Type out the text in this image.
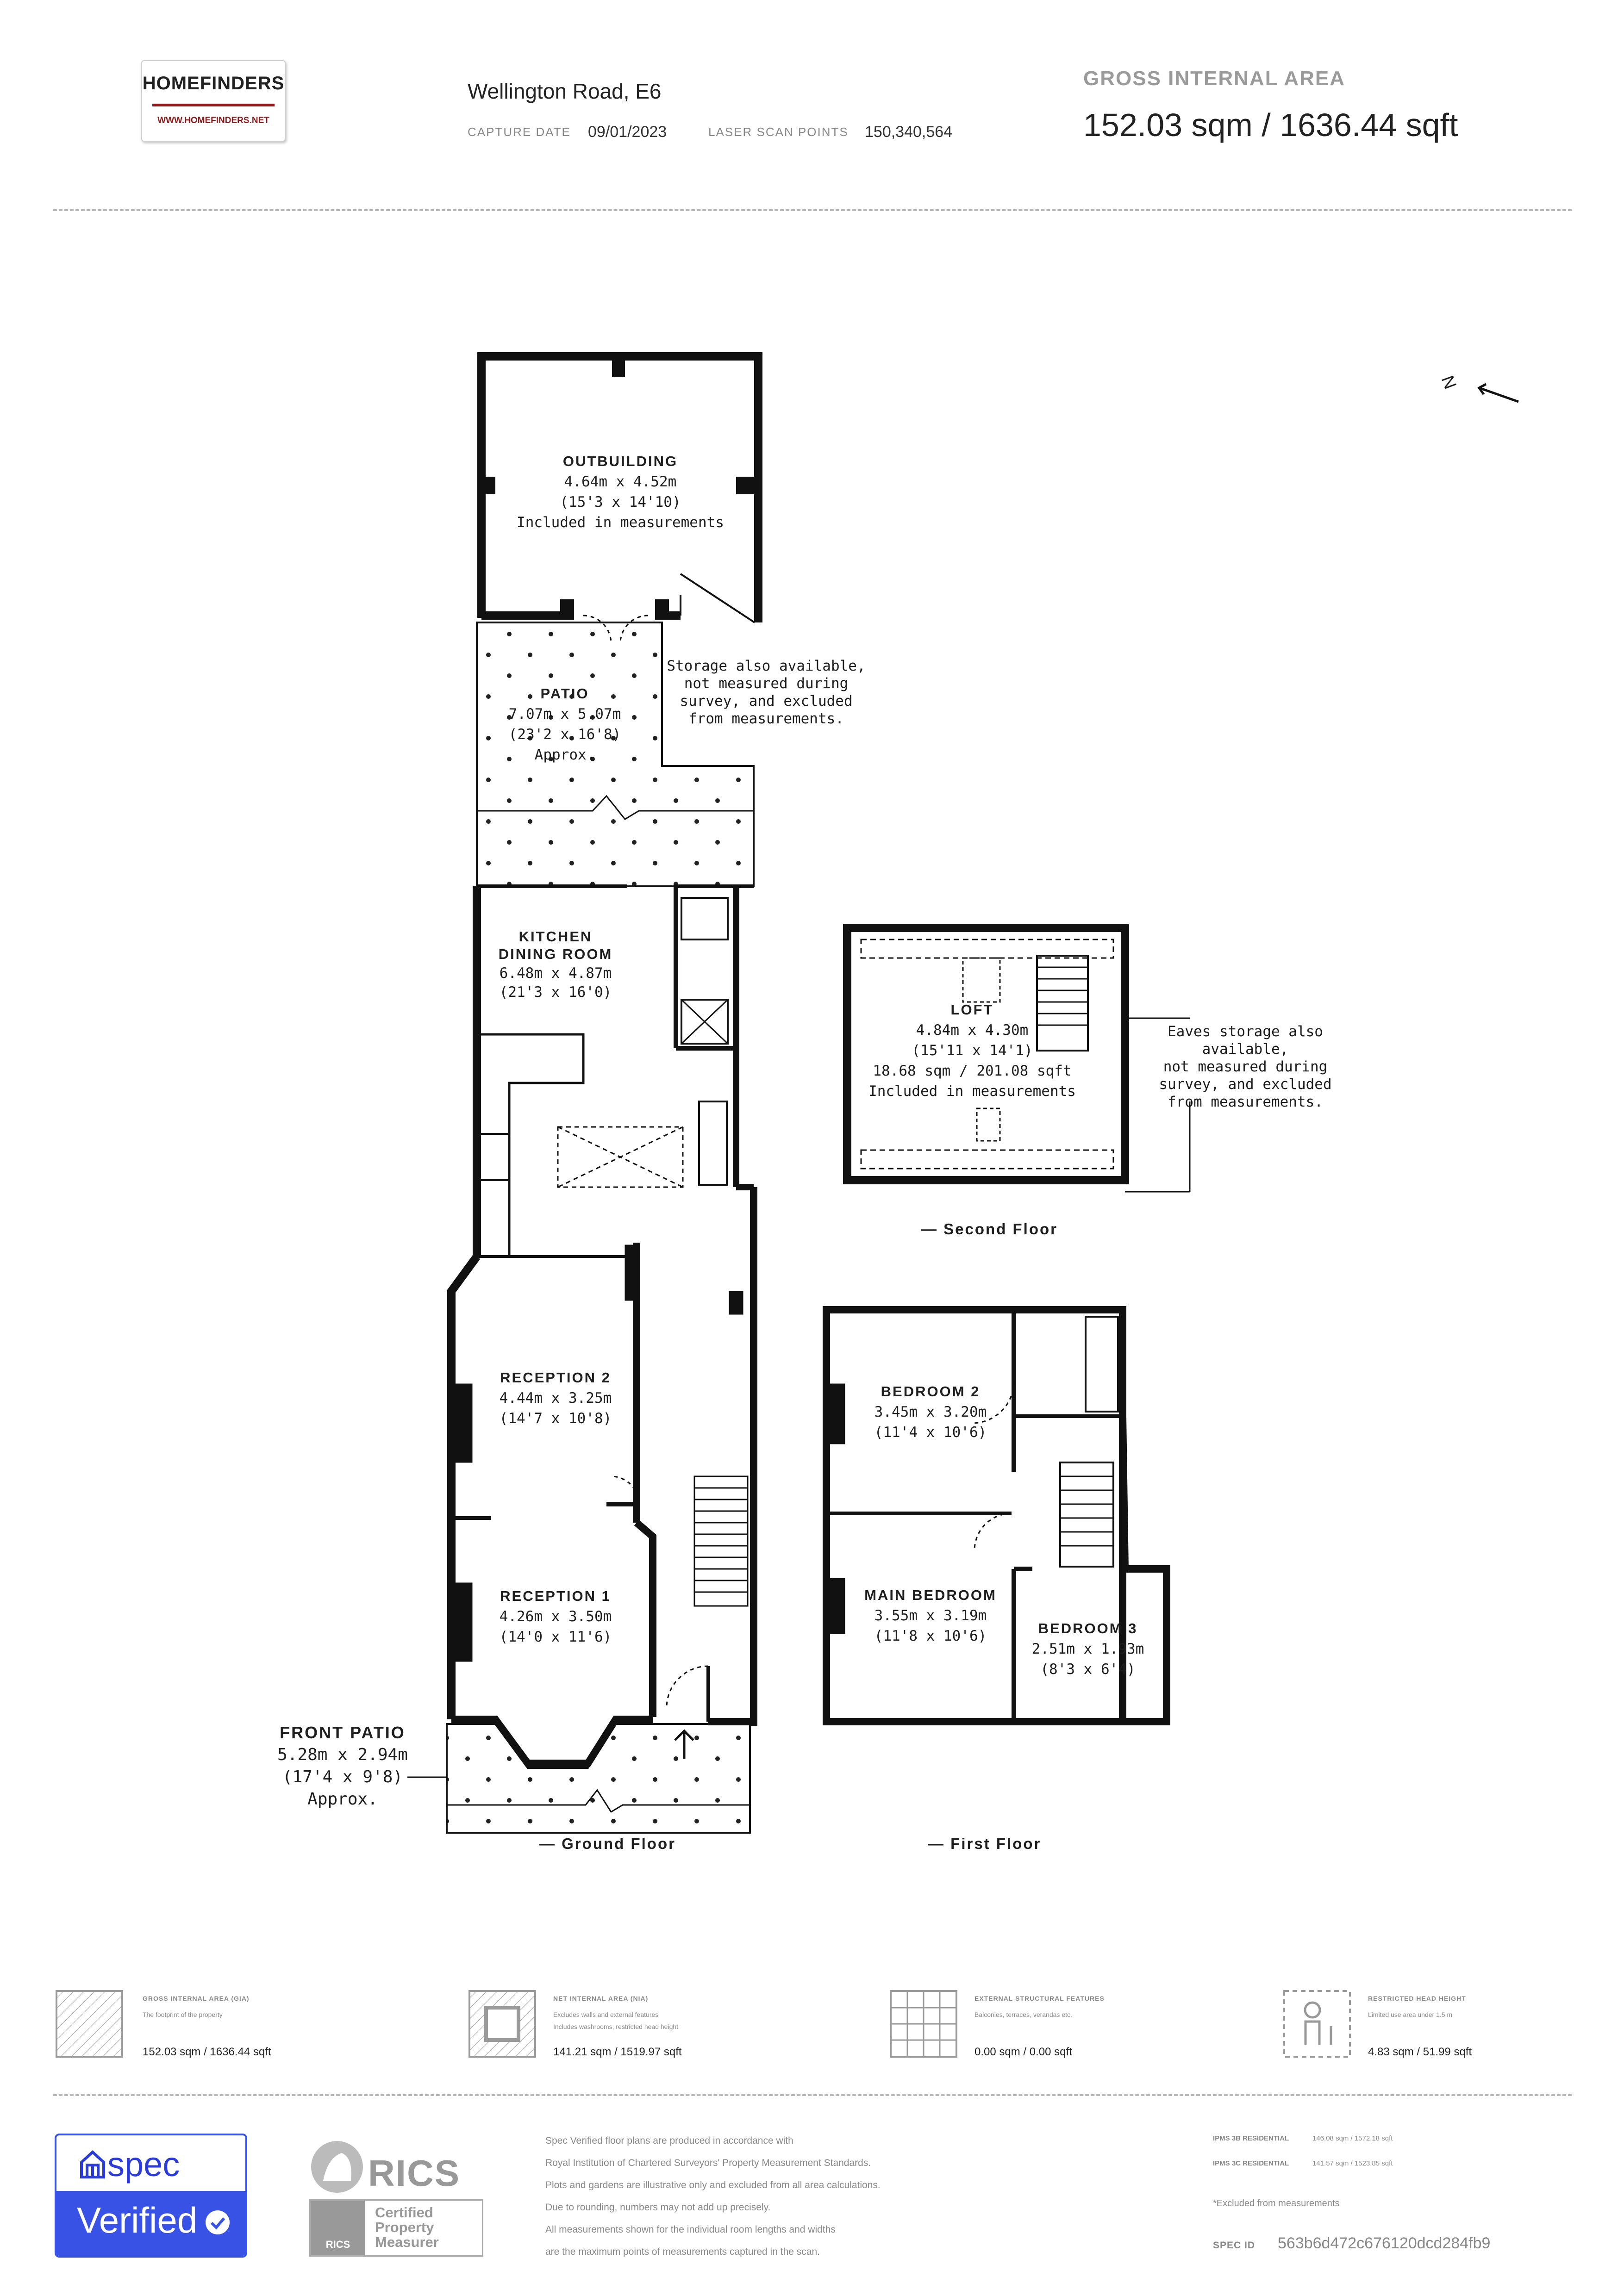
HOMEFINDERS
WWW.HOMEFINDERS.NET
Wellington Road, E6
CAPTURE DATE 09/01/2023	LASER SCAN POINTS 150,340,564
GROSS INTERNAL AREA
152.03 sqm / 1636.44 sqft
N
OUTBUILDING
4.64m x 4.52m
(15'3 x 14'10)
Included in measurements
PATIO
7.07m x 5.07m
(23'2 x 16'8)
Approx.
Storage also available,
not measured during
survey, and excluded
from measurements.
KITCHEN
DINING ROOM
6.48m x 4.87m
(21'3 x 16'0)
RECEPTION 2
4.44m x 3.25m
(14'7 x 10'8)
RECEPTION 1
4.26m x 3.50m
(14'0 x 11'6)
FRONT PATIO
5.28m x 2.94m
(17'4 x 9'8)
Approx.
LOFT
4.84m x 4.30m
(15'11 x 14'1)
18.68 sqm / 201.08 sqft
Included in measurements
Eaves storage also available,
not measured during
survey, and excluded
from measurements.
BEDROOM 2
3.45m x 3.20m
(11'4 x 10'6)
MAIN BEDROOM
3.55m x 3.19m
(11'8 x 10'6)	BEDROOM 3
2.51m x 1.93m
(8'3 x 6'4)
— Ground Floor	— First Floor
— Second Floor
GROSS INTERNAL AREA (GIA)
The footprint of the property
152.03 sqm / 1636.44 sqft
NET INTERNAL AREA (NIA)
Excludes walls and external features
Includes washrooms, restricted head height
141.21 sqm / 1519.97 sqft
EXTERNAL STRUCTURAL FEATURES
Balconies, terraces, verandas etc.
0.00 sqm / 0.00 sqft
RESTRICTED HEAD HEIGHT
Limited use area under 1.5 m
4.83 sqm / 51.99 sqft
spec
Verified
RICS
RICS
Certified
Property
Measurer
Spec Verified floor plans are produced in accordance with
Royal Institution of Chartered Surveyors' Property Measurement Standards.
Plots and gardens are illustrative only and excluded from all area calculations.
Due to rounding, numbers may not add up precisely.
All measurements shown for the individual room lengths and widths
are the maximum points of measurements captured in the scan.
IPMS 3B RESIDENTIAL	146.08 sqm / 1572.18 sqft
IPMS 3C RESIDENTIAL	141.57 sqm / 1523.85 sqft
*Excluded from measurements
SPEC ID 563b6d472c676120dcd284fb9
